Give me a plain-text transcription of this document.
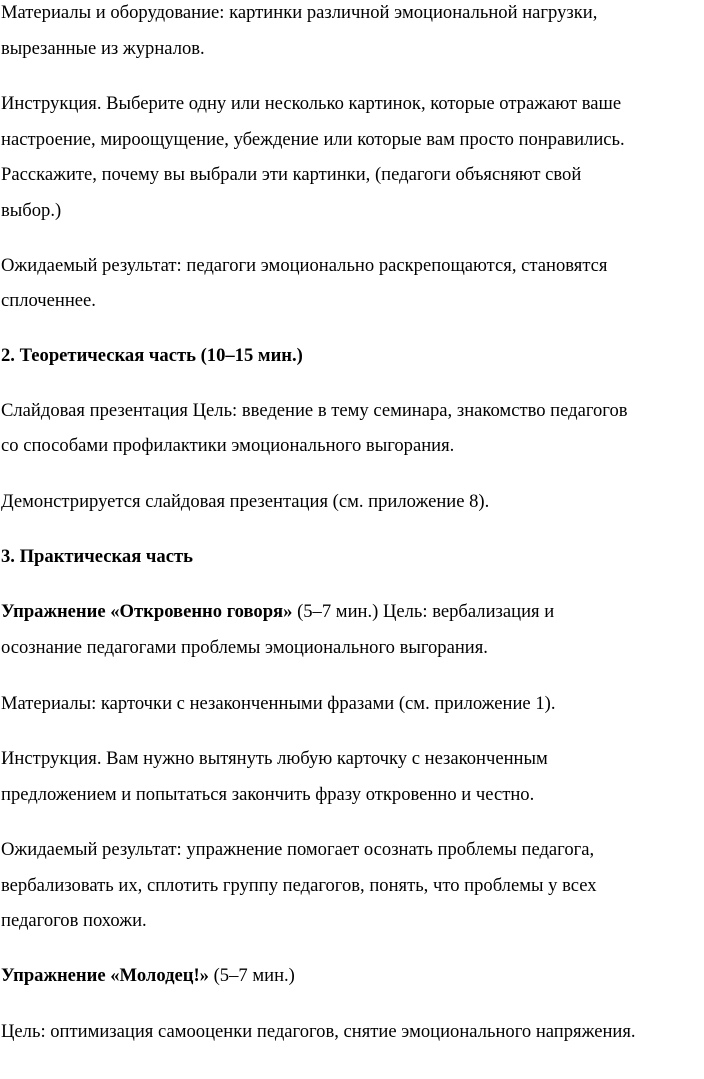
Материалы и оборудование: картинки различной эмоциональной нагрузки,
вырезанные из журналов.
Инструкция. Выберите одну или несколько картинок, которые отражают ваше
настроение, мироощущение, убеждение или которые вам просто понравились.
Расскажите, почему вы выбрали эти картинки, (педагоги объясняют свой
выбор.)
Ожидаемый результат: педагоги эмоционально раскрепощаются, становятся
сплоченнее.
2. Теоретическая часть (10–15 мин.)
Слайдовая презентация Цель: введение в тему семинара, знакомство педагогов
со способами профилактики эмоционального выгорания.
Демонстрируется слайдовая презентация (см. приложение 8).
3. Практическая часть
Упражнение «Откровенно говоря» (5–7 мин.) Цель: вербализация и
осознание педагогами проблемы эмоционального выгорания.
Материалы: карточки с незаконченными фразами (см. приложение 1).
Инструкция. Вам нужно вытянуть любую карточку с незаконченным
предложением и попытаться закончить фразу откровенно и честно.
Ожидаемый результат: упражнение помогает осознать проблемы педагога,
вербализовать их, сплотить группу педагогов, понять, что проблемы у всех
педагогов похожи.
Упражнение «Молодец!» (5–7 мин.)
Цель: оптимизация самооценки педагогов, снятие эмоционального напряжения.
